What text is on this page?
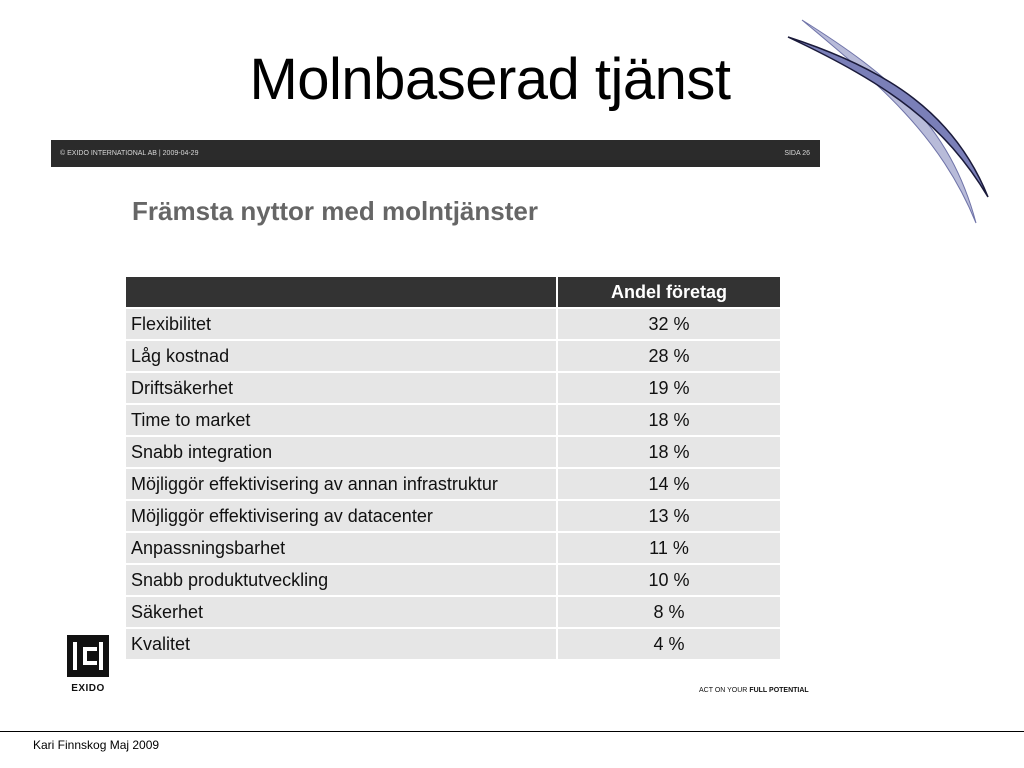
Molnbaserad tjänst
© EXIDO INTERNATIONAL AB | 2009-04-29	SIDA 26
Främsta nyttor med molntjänster
	Andel företag
Flexibilitet	32 %
Låg kostnad	28 %
Driftsäkerhet	19 %
Time to market	18 %
Snabb integration	18 %
Möjliggör effektivisering av annan infrastruktur	14 %
Möjliggör effektivisering av datacenter	13 %
Anpassningsbarhet	11 %
Snabb produktutveckling	10 %
Säkerhet	8 %
Kvalitet	4 %
EXIDO	ACT ON YOUR FULL POTENTIAL
Kari Finnskog Maj 2009
